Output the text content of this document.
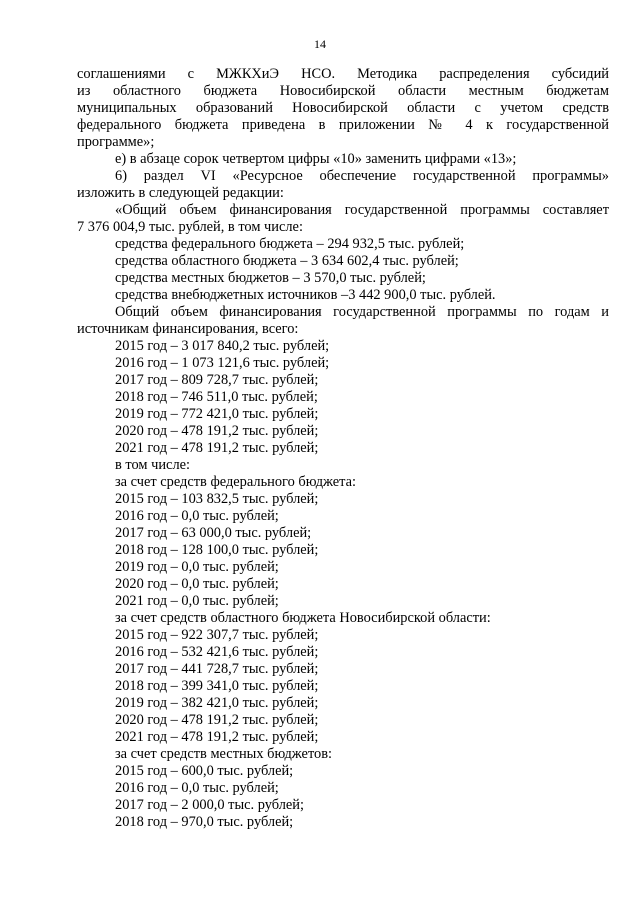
14

соглашениями с МЖКХиЭ НСО. Методика распределения субсидий

из областного бюджета Новосибирской области местным бюджетам

муниципальных образований Новосибирской области с учетом средств

федерального бюджета приведена в приложении № 4 к государственной

программе»;

е) в абзаце сорок четвертом цифры «10» заменить цифрами «13»;

6) раздел VI «Ресурсное обеспечение государственной программы»

изложить в следующей редакции:

«Общий объем финансирования государственной программы составляет

7 376 004,9 тыс. рублей, в том числе:

средства федерального бюджета – 294 932,5 тыс. рублей;

средства областного бюджета – 3 634 602,4 тыс. рублей;

средства местных бюджетов – 3 570,0 тыс. рублей;

средства внебюджетных источников –3 442 900,0 тыс. рублей.

Общий объем финансирования государственной программы по годам и

источникам финансирования, всего:

2015 год – 3 017 840,2 тыс. рублей;

2016 год – 1 073 121,6 тыс. рублей;

2017 год – 809 728,7 тыс. рублей;

2018 год – 746 511,0 тыс. рублей;

2019 год – 772 421,0 тыс. рублей;

2020 год – 478 191,2 тыс. рублей;

2021 год – 478 191,2 тыс. рублей;

в том числе:

за счет средств федерального бюджета:

2015 год – 103 832,5 тыс. рублей;

2016 год – 0,0 тыс. рублей;

2017 год – 63 000,0 тыс. рублей;

2018 год – 128 100,0 тыс. рублей;

2019 год – 0,0 тыс. рублей;

2020 год – 0,0 тыс. рублей;

2021 год – 0,0 тыс. рублей;

за счет средств областного бюджета Новосибирской области:

2015 год – 922 307,7 тыс. рублей;

2016 год – 532 421,6 тыс. рублей;

2017 год – 441 728,7 тыс. рублей;

2018 год – 399 341,0 тыс. рублей;

2019 год – 382 421,0 тыс. рублей;

2020 год – 478 191,2 тыс. рублей;

2021 год – 478 191,2 тыс. рублей;

за счет средств местных бюджетов:

2015 год – 600,0 тыс. рублей;

2016 год – 0,0 тыс. рублей;

2017 год – 2 000,0 тыс. рублей;

2018 год – 970,0 тыс. рублей;
